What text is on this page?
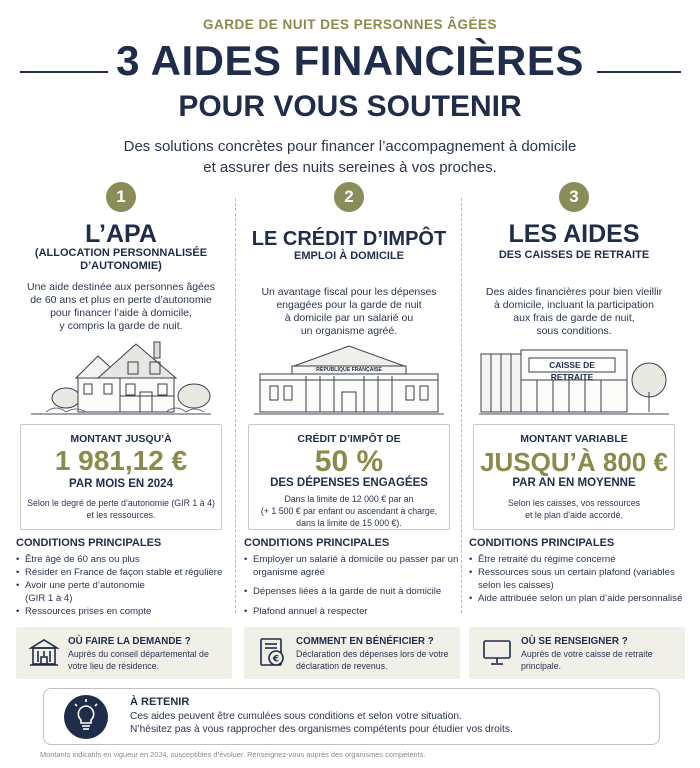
GARDE DE NUIT DES PERSONNES ÂGÉES
3 AIDES FINANCIÈRES
POUR VOUS SOUTENIR
Des solutions concrètes pour financer l’accompagnement à domicile
et assurer des nuits sereines à vos proches.
1
L’APA
(ALLOCATION PERSONNALISÉE
D’AUTONOMIE)
Une aide destinée aux personnes âgées
de 60 ans et plus en perte d’autonomie
pour financer l’aide à domicile,
y compris la garde de nuit.
MONTANT JUSQU’À
1 981,12 €
PAR MOIS EN 2024
Selon le degré de perte d’autonomie (GIR 1 à 4)
et les ressources.
CONDITIONS PRINCIPALES
• Être âgé de 60 ans ou plus
• Résider en France de façon stable et régulière
• Avoir une perte d’autonomie
(GIR 1 à 4)
• Ressources prises en compte
OÙ FAIRE LA DEMANDE ?
Auprès du conseil départemental de votre lieu de résidence.
2
LE CRÉDIT D’IMPÔT
EMPLOI À DOMICILE
Un avantage fiscal pour les dépenses
engagées pour la garde de nuit
à domicile par un salarié ou
un organisme agréé.
RÉPUBLIQUE FRANÇAISE
CRÉDIT D’IMPÔT DE
50 %
DES DÉPENSES ENGAGÉES
Dans la limite de 12 000 € par an
(+ 1 500 € par enfant ou ascendant à charge,
dans la limite de 15 000 €).
CONDITIONS PRINCIPALES
• Employer un salarié à domicile ou passer par un organisme agréé
• Dépenses liées à la garde de nuit à domicile
• Plafond annuel à respecter
€
COMMENT EN BÉNÉFICIER ?
Déclaration des dépenses lors de votre déclaration de revenus.
3
LES AIDES
DES CAISSES DE RETRAITE
Des aides financières pour bien vieillir
à domicile, incluant la participation
aux frais de garde de nuit,
sous conditions.
CAISSE DE RETRAITE
MONTANT VARIABLE
JUSQU’À 800 €
PAR AN EN MOYENNE
Selon les caisses, vos ressources
et le plan d’aide accordé.
CONDITIONS PRINCIPALES
• Être retraité du régime concerné
• Ressources sous un certain plafond (variables selon les caisses)
• Aide attribuée selon un plan d’aide personnalisé
OÙ SE RENSEIGNER ?
Auprès de votre caisse de retraite principale.
À RETENIR
Ces aides peuvent être cumulées sous conditions et selon votre situation.
N’hésitez pas à vous rapprocher des organismes compétents pour étudier vos droits.
Montants indicatifs en vigueur en 2024, susceptibles d’évoluer. Renseignez-vous auprès des organismes compétents.
